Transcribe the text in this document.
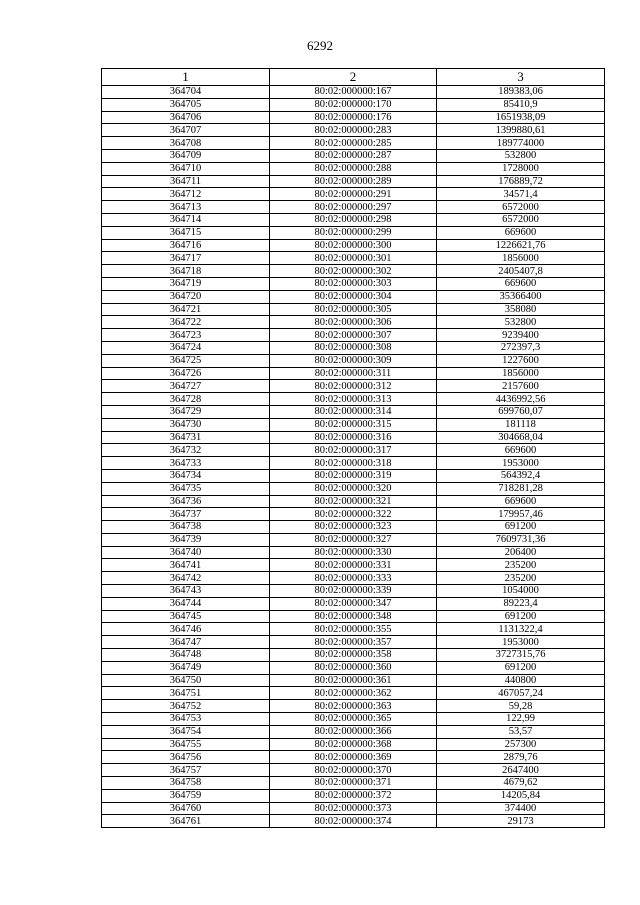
6292
1	2	3
364704	80:02:000000:167	189383,06
364705	80:02:000000:170	85410,9
364706	80:02:000000:176	1651938,09
364707	80:02:000000:283	1399880,61
364708	80:02:000000:285	189774000
364709	80:02:000000:287	532800
364710	80:02:000000:288	1728000
364711	80:02:000000:289	176889,72
364712	80:02:000000:291	34571,4
364713	80:02:000000:297	6572000
364714	80:02:000000:298	6572000
364715	80:02:000000:299	669600
364716	80:02:000000:300	1226621,76
364717	80:02:000000:301	1856000
364718	80:02:000000:302	2405407,8
364719	80:02:000000:303	669600
364720	80:02:000000:304	35366400
364721	80:02:000000:305	358080
364722	80:02:000000:306	532800
364723	80:02:000000:307	9239400
364724	80:02:000000:308	272397,3
364725	80:02:000000:309	1227600
364726	80:02:000000:311	1856000
364727	80:02:000000:312	2157600
364728	80:02:000000:313	4436992,56
364729	80:02:000000:314	699760,07
364730	80:02:000000:315	181118
364731	80:02:000000:316	304668,04
364732	80:02:000000:317	669600
364733	80:02:000000:318	1953000
364734	80:02:000000:319	564392,4
364735	80:02:000000:320	718281,28
364736	80:02:000000:321	669600
364737	80:02:000000:322	179957,46
364738	80:02:000000:323	691200
364739	80:02:000000:327	7609731,36
364740	80:02:000000:330	206400
364741	80:02:000000:331	235200
364742	80:02:000000:333	235200
364743	80:02:000000:339	1054000
364744	80:02:000000:347	89223,4
364745	80:02:000000:348	691200
364746	80:02:000000:355	1131322,4
364747	80:02:000000:357	1953000
364748	80:02:000000:358	3727315,76
364749	80:02:000000:360	691200
364750	80:02:000000:361	440800
364751	80:02:000000:362	467057,24
364752	80:02:000000:363	59,28
364753	80:02:000000:365	122,99
364754	80:02:000000:366	53,57
364755	80:02:000000:368	257300
364756	80:02:000000:369	2879,76
364757	80:02:000000:370	2647400
364758	80:02:000000:371	4679,62
364759	80:02:000000:372	14205,84
364760	80:02:000000:373	374400
364761	80:02:000000:374	29173
